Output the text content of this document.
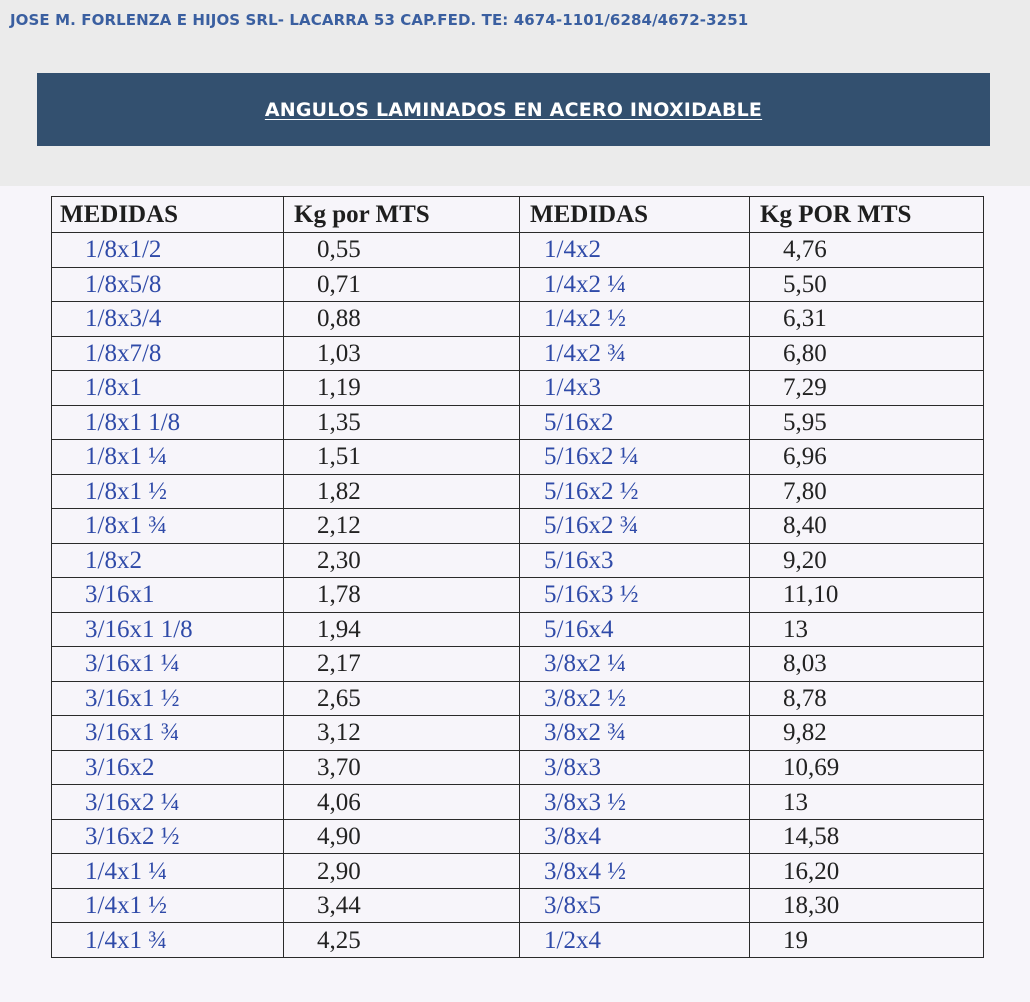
JOSE M. FORLENZA E HIJOS SRL- LACARRA 53 CAP.FED. TE: 4674-1101/6284/4672-3251
ANGULOS LAMINADOS EN ACERO INOXIDABLE
MEDIDAS	Kg por MTS	MEDIDAS	Kg POR MTS
1/8x1/2	0,55	1/4x2	4,76
1/8x5/8	0,71	1/4x2 ¼	5,50
1/8x3/4	0,88	1/4x2 ½	6,31
1/8x7/8	1,03	1/4x2 ¾	6,80
1/8x1	1,19	1/4x3	7,29
1/8x1 1/8	1,35	5/16x2	5,95
1/8x1 ¼	1,51	5/16x2 ¼	6,96
1/8x1 ½	1,82	5/16x2 ½	7,80
1/8x1 ¾	2,12	5/16x2 ¾	8,40
1/8x2	2,30	5/16x3	9,20
3/16x1	1,78	5/16x3 ½	11,10
3/16x1 1/8	1,94	5/16x4	13
3/16x1 ¼	2,17	3/8x2 ¼	8,03
3/16x1 ½	2,65	3/8x2 ½	8,78
3/16x1 ¾	3,12	3/8x2 ¾	9,82
3/16x2	3,70	3/8x3	10,69
3/16x2 ¼	4,06	3/8x3 ½	13
3/16x2 ½	4,90	3/8x4	14,58
1/4x1 ¼	2,90	3/8x4 ½	16,20
1/4x1 ½	3,44	3/8x5	18,30
1/4x1 ¾	4,25	1/2x4	19
